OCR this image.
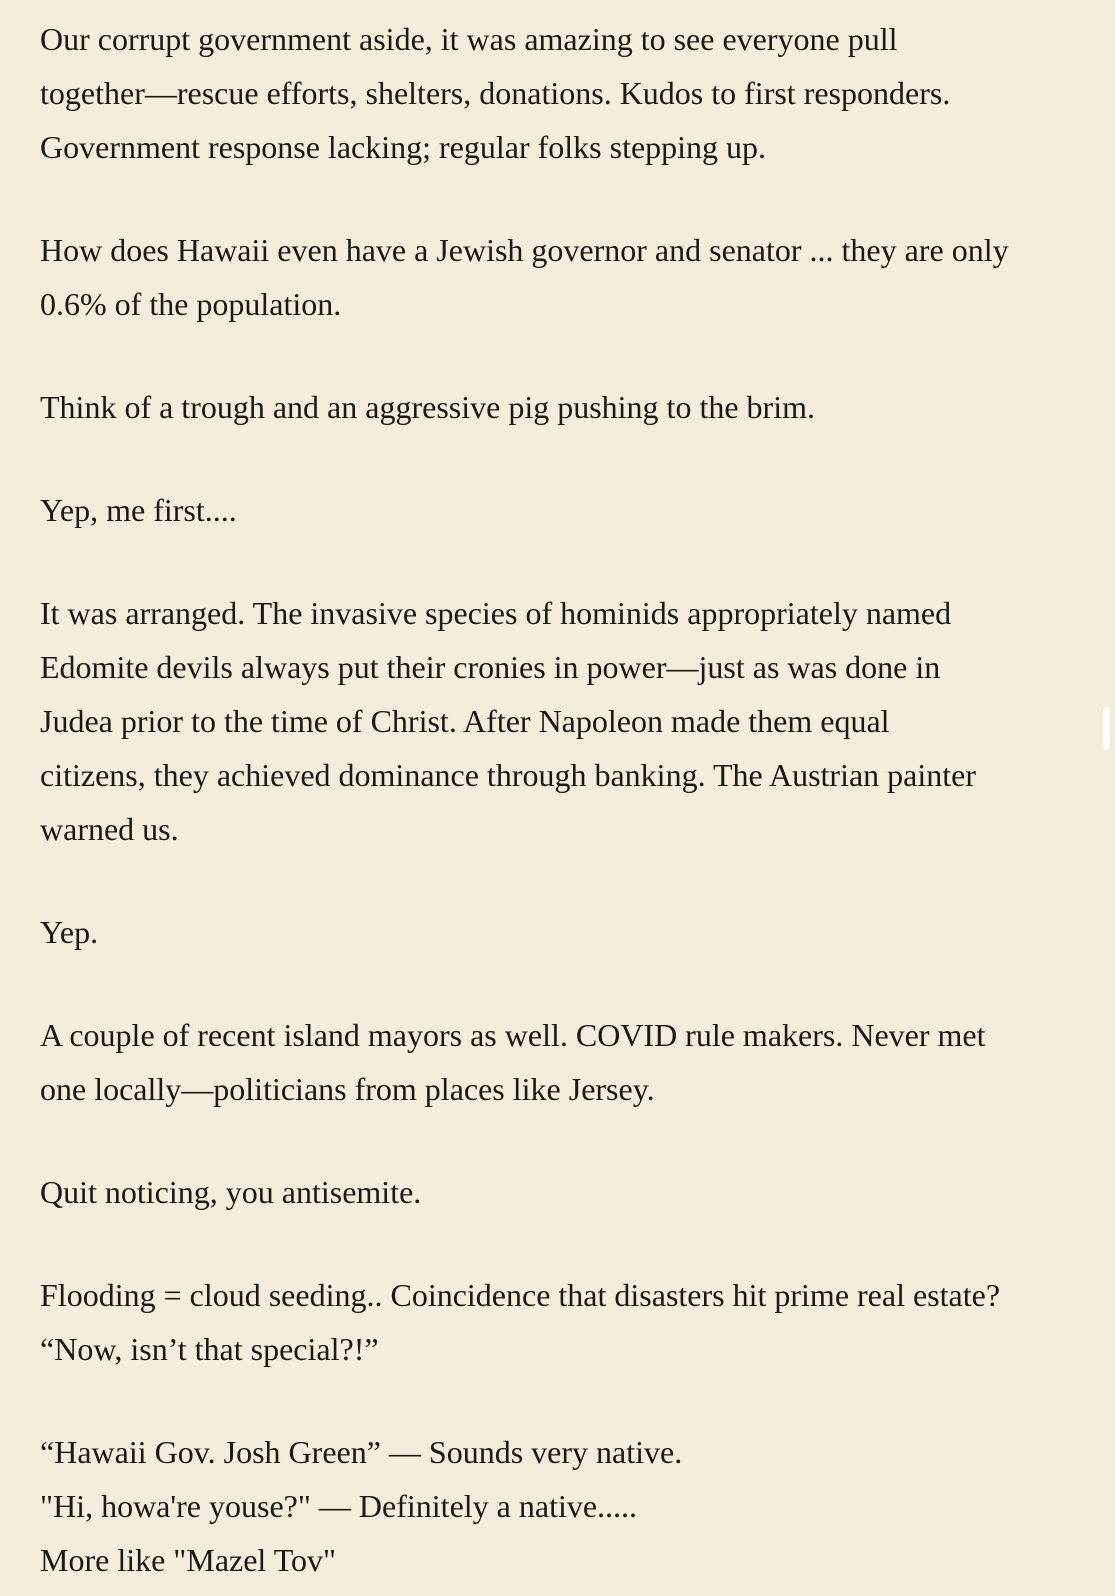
Our corrupt government aside, it was amazing to see everyone pull
together—rescue efforts, shelters, donations. Kudos to first responders.
Government response lacking; regular folks stepping up.

How does Hawaii even have a Jewish governor and senator ... they are only
0.6% of the population.

Think of a trough and an aggressive pig pushing to the brim.

Yep, me first....

It was arranged. The invasive species of hominids appropriately named
Edomite devils always put their cronies in power—just as was done in
Judea prior to the time of Christ. After Napoleon made them equal
citizens, they achieved dominance through banking. The Austrian painter
warned us.

Yep.

A couple of recent island mayors as well. COVID rule makers. Never met
one locally—politicians from places like Jersey.

Quit noticing, you antisemite.

Flooding = cloud seeding.. Coincidence that disasters hit prime real estate?
“Now, isn’t that special?!”

“Hawaii Gov. Josh Green” — Sounds very native.
"Hi, howa're youse?" — Definitely a native.....
More like "Mazel Tov"
